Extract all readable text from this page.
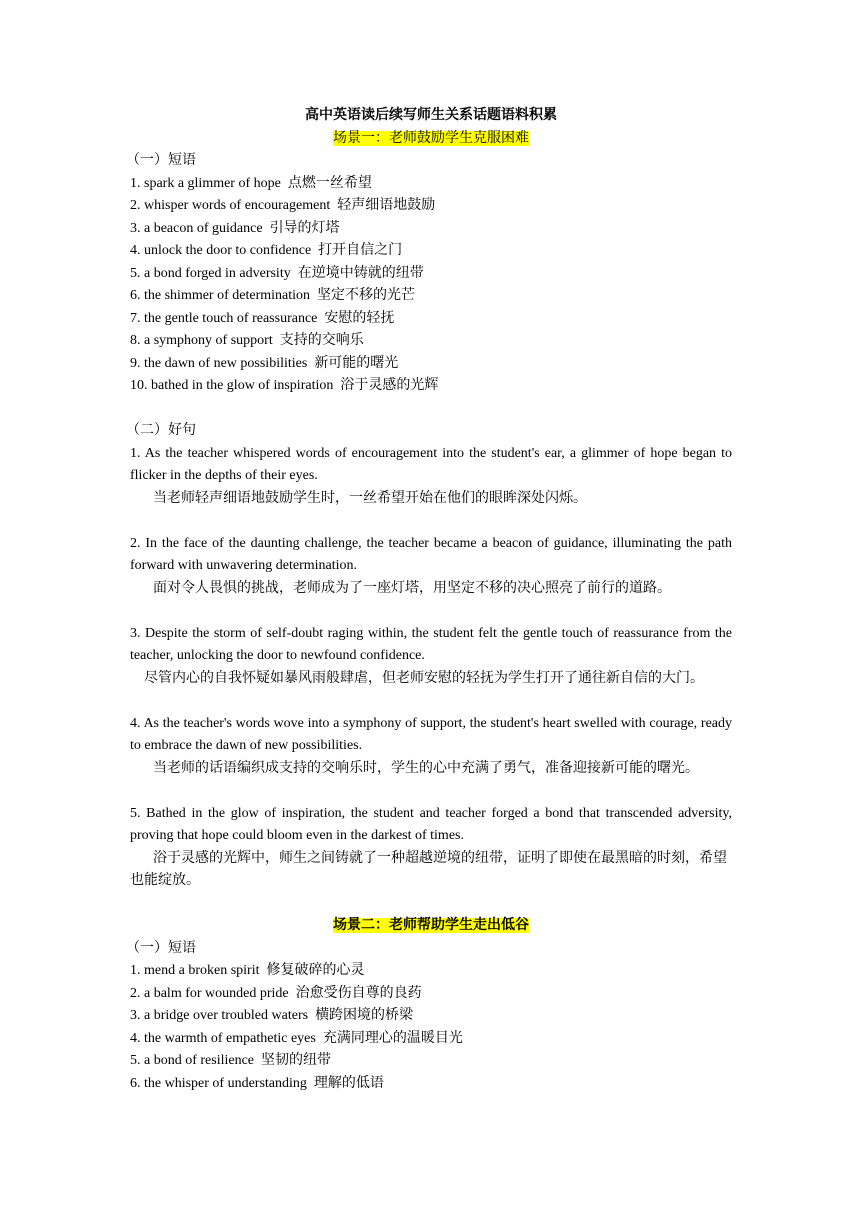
高中英语读后续写师生关系话题语料积累
场景一：老师鼓励学生克服困难
（一）短语
1. spark a glimmer of hope 点燃一丝希望
2. whisper words of encouragement 轻声细语地鼓励
3. a beacon of guidance 引导的灯塔
4. unlock the door to confidence 打开自信之门
5. a bond forged in adversity 在逆境中铸就的纽带
6. the shimmer of determination 坚定不移的光芒
7. the gentle touch of reassurance 安慰的轻抚
8. a symphony of support 支持的交响乐
9. the dawn of new possibilities 新可能的曙光
10. bathed in the glow of inspiration 浴于灵感的光辉
（二）好句
1. As the teacher whispered words of encouragement into the student's ear, a glimmer of hope began to flicker in the depths of their eyes.
当老师轻声细语地鼓励学生时，一丝希望开始在他们的眼眸深处闪烁。
2. In the face of the daunting challenge, the teacher became a beacon of guidance, illuminating the path forward with unwavering determination.
面对令人畏惧的挑战，老师成为了一座灯塔，用坚定不移的决心照亮了前行的道路。
3. Despite the storm of self-doubt raging within, the student felt the gentle touch of reassurance from the teacher, unlocking the door to newfound confidence.
尽管内心的自我怀疑如暴风雨般肆虐，但老师安慰的轻抚为学生打开了通往新自信的大门。
4. As the teacher's words wove into a symphony of support, the student's heart swelled with courage, ready to embrace the dawn of new possibilities.
当老师的话语编织成支持的交响乐时，学生的心中充满了勇气，准备迎接新可能的曙光。
5. Bathed in the glow of inspiration, the student and teacher forged a bond that transcended adversity, proving that hope could bloom even in the darkest of times.
浴于灵感的光辉中，师生之间铸就了一种超越逆境的纽带，证明了即使在最黑暗的时刻，希望也能绽放。
场景二：老师帮助学生走出低谷
（一）短语
1. mend a broken spirit 修复破碎的心灵
2. a balm for wounded pride 治愈受伤自尊的良药
3. a bridge over troubled waters 横跨困境的桥梁
4. the warmth of empathetic eyes 充满同理心的温暖目光
5. a bond of resilience 坚韧的纽带
6. the whisper of understanding 理解的低语
